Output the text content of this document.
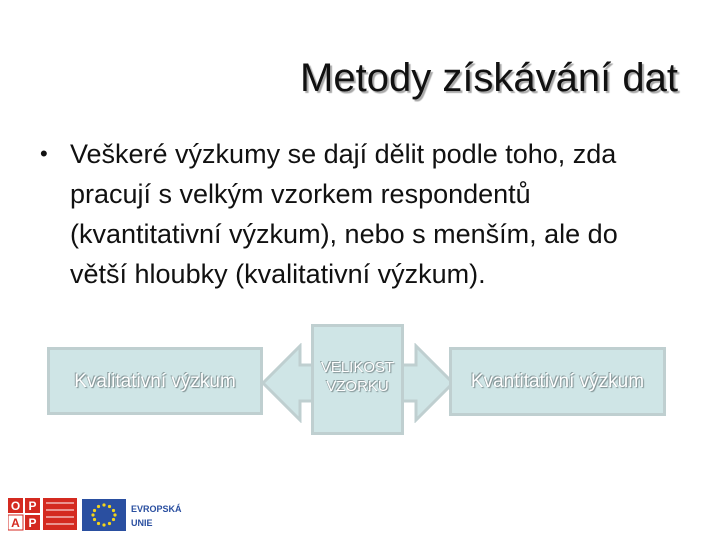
Metody získávání dat
• Veškeré výzkumy se dají dělit podle toho, zda pracují s velkým vzorkem respondentů (kvantitativní výzkum), nebo s menším, ale do větší hloubky (kvalitativní výzkum).
Kvalitativní výzkum
VELIKOST VZORKU	Kvantitativní výzkum
O P
P
A
EVROPSKÁ
UNIE
